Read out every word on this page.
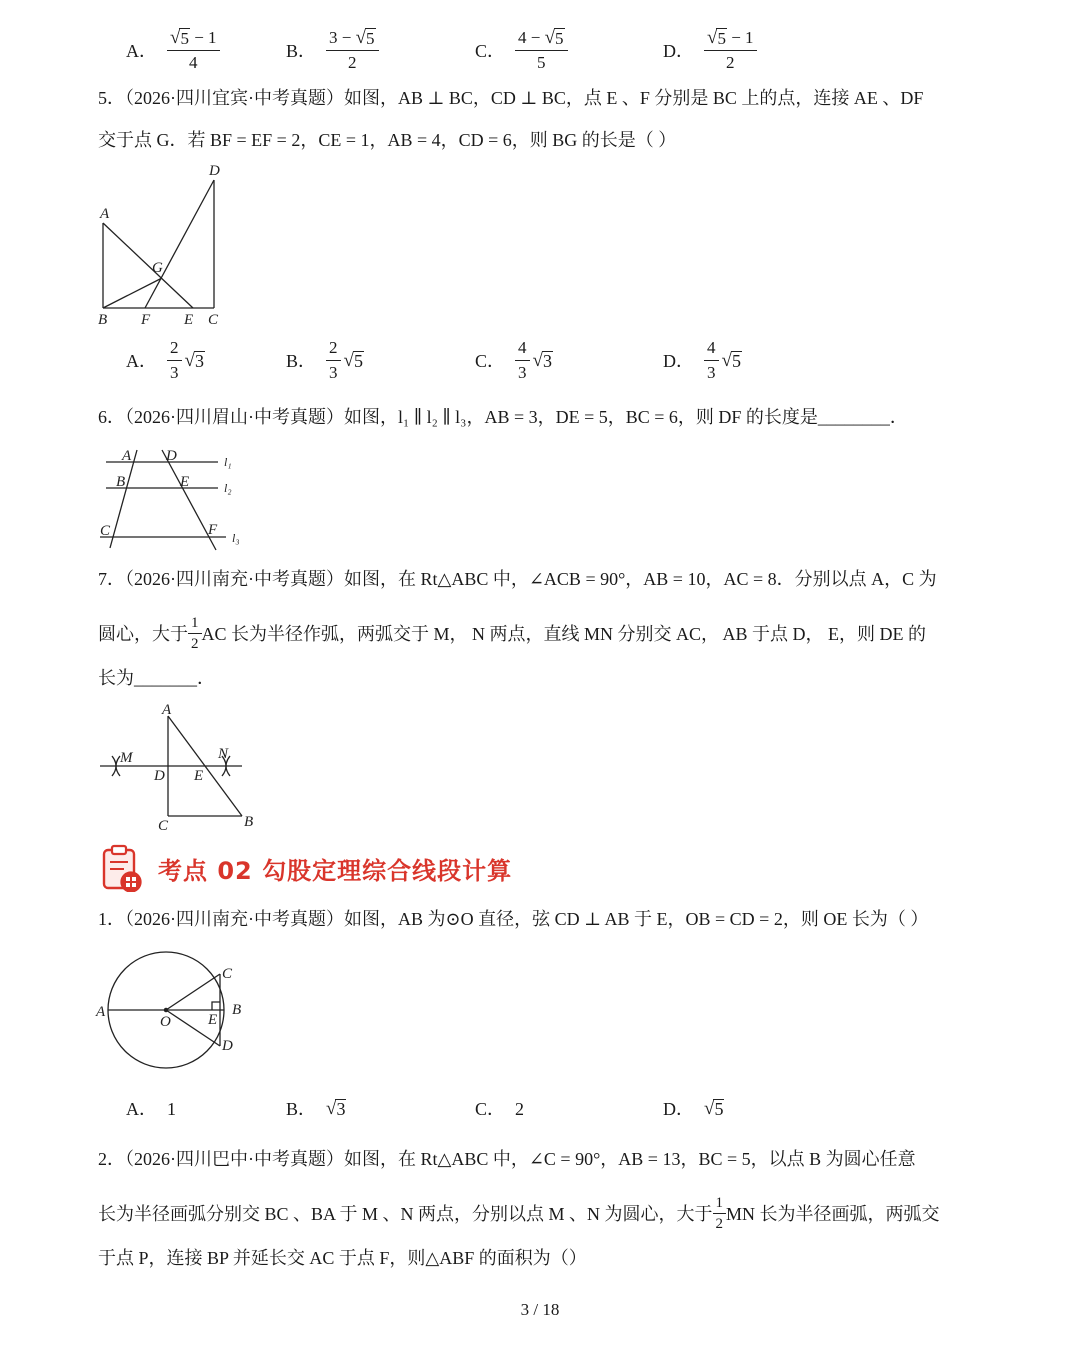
A． $\frac{√ 5 - 1}{4}$	B． $\frac{3 - √ 5}{2}$	C． $\frac{4 - √ 5}{5}$	D． $\frac{√ 5 - 1}{2}$
5．（2026·四川宜宾·中考真题）如图，AB ⊥ BC，CD ⊥ BC，点 E 、F 分别是 BC 上的点，连接 AE 、DF
交于点 G．若 BF = EF = 2，CE = 1，AB = 4，CD = 6，则 BG 的长是（ ）
A
B F E C
D
G
A． $\frac{2}{3}$ √ 3	B． $\frac{2}{3}$ √ 5	C． $\frac{4}{3}$ √ 3	D． $\frac{4}{3}$ √ 5
6．（2026·四川眉山·中考真题）如图，l₁ ∥ l₂ ∥ l₃，AB = 3，DE = 5，BC = 6，则 DF 的长度是________．
A
B
C
D
E
F
l₁
l₂
l₃
7．（2026·四川南充·中考真题）如图，在 Rt△ABC 中，∠ACB = 90°，AB = 10，AC = 8．分别以点 A，C 为
圆心，大于 $\frac{1}{2}$ AC 长为半径作弧，两弧交于 M， N 两点，直线 MN 分别交 AC， AB 于点 D， E，则 DE 的
长为_______．
A
C	B
D E
M	N
考点 02 勾股定理综合线段计算
1．（2026·四川南充·中考真题）如图，AB 为⊙O 直径，弦 CD ⊥ AB 于 E，OB = CD = 2，则 OE 长为（ ）
A	B
C
D
E
O
A． 1	B． √ 3	C． 2	D． √ 5
2．（2026·四川巴中·中考真题）如图，在 Rt△ABC 中，∠C = 90°，AB = 13，BC = 5，以点 B 为圆心任意
长为半径画弧分别交 BC 、BA 于 M 、N 两点，分别以点 M 、N 为圆心，大于 $\frac{1}{2}$ MN 长为半径画弧，两弧交
于点 P，连接 BP 并延长交 AC 于点 F，则△ABF 的面积为（）
3 / 18
